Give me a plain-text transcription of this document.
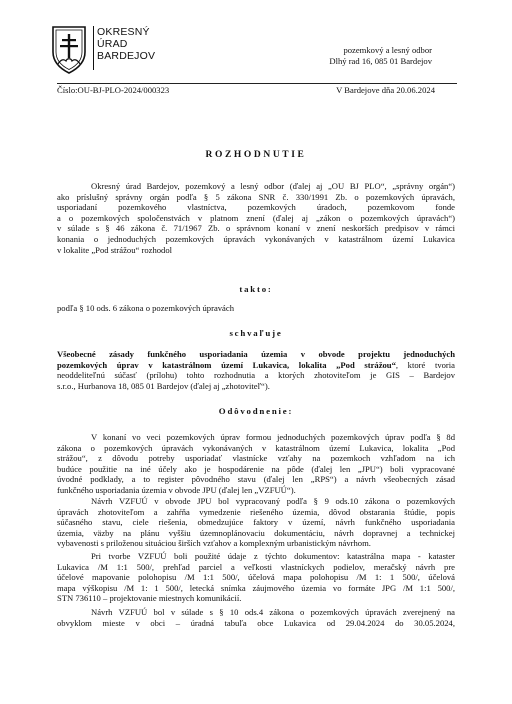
OKRESNÝ
ÚRAD
BARDEJOV	pozemkový a lesný odbor
Dlhý rad 16, 085 01 Bardejov
Číslo:OU-BJ-PLO-2024/000323	V Bardejove dňa 20.06.2024
ROZHODNUTIE
Okresný úrad Bardejov, pozemkový a lesný odbor (ďalej aj „OU BJ PLO“, „správny orgán“)
ako príslušný správny orgán podľa § 5 zákona SNR č. 330/1991 Zb. o pozemkových úpravách,
usporiadaní pozemkového vlastníctva, pozemkových úradoch, pozemkovom fonde
a o pozemkových spoločenstvách v platnom znení (ďalej aj „zákon o pozemkových úpravách“)
v súlade s § 46 zákona č. 71/1967 Zb. o správnom konaní v znení neskorších predpisov v rámci
konania o jednoduchých pozemkových úpravách vykonávaných v katastrálnom území Lukavica
v lokalite „Pod strážou“ rozhodol
takto:
podľa § 10 ods. 6 zákona o pozemkových úpravách
schvaľuje
Všeobecné zásady funkčného usporiadania územia v obvode projektu jednoduchých
pozemkových úprav v katastrálnom území Lukavica, lokalita „Pod strážou“, ktoré tvoria
neoddeliteľnú súčasť (prílohu) tohto rozhodnutia a ktorých zhotoviteľom je GIS – Bardejov
s.r.o., Hurbanova 18, 085 01 Bardejov (ďalej aj „zhotoviteľ“).
Odôvodnenie:
V konaní vo veci pozemkových úprav formou jednoduchých pozemkových úprav podľa § 8d
zákona o pozemkových úpravách vykonávaných v katastrálnom území Lukavica, lokalita „Pod
strážou“, z dôvodu potreby usporiadať vlastnícke vzťahy na pozemkoch vzhľadom na ich
budúce použitie na iné účely ako je hospodárenie na pôde (ďalej len „JPU“) boli vypracované
úvodné podklady, a to register pôvodného stavu (ďalej len „RPS“) a návrh všeobecných zásad
funkčného usporiadania územia v obvode JPU (ďalej len „VZFUÚ“).
Návrh VZFUÚ v obvode JPU bol vypracovaný podľa § 9 ods.10 zákona o pozemkových
úpravách zhotoviteľom a zahŕňa vymedzenie riešeného územia, dôvod obstarania štúdie, popis
súčasného stavu, ciele riešenia, obmedzujúce faktory v území, návrh funkčného usporiadania
územia, väzby na plánu vyššiu územnoplánovaciu dokumentáciu, návrh dopravnej a technickej
vybavenosti s priloženou situáciou širších vzťahov a komplexným urbanistickým návrhom.
Pri tvorbe VZFUÚ boli použité údaje z týchto dokumentov: katastrálna mapa - kataster
Lukavica /M 1:1 500/, prehľad parciel a veľkosti vlastníckych podielov, meračský návrh pre
účelové mapovanie polohopisu /M 1:1 500/, účelová mapa polohopisu /M 1: 1 500/, účelová
mapa výškopisu /M 1: 1 500/, letecká snímka záujmového územia vo formáte JPG /M 1:1 500/,
STN 736110 – projektovanie miestnych komunikácií.
Návrh VZFUÚ bol v súlade s § 10 ods.4 zákona o pozemkových úpravách zverejnený na
obvyklom mieste v obci – úradná tabuľa obce Lukavica od 29.04.2024 do 30.05.2024,
